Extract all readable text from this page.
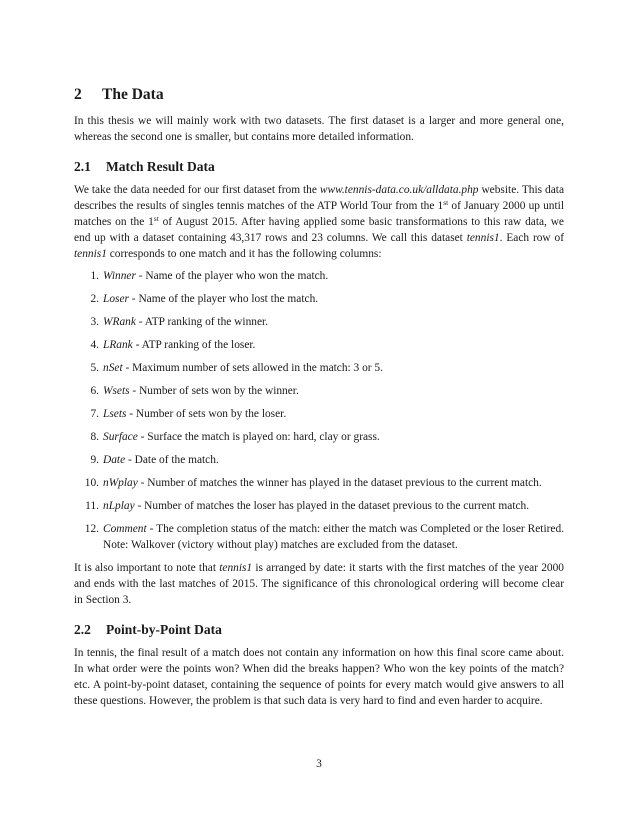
2 The Data

In this thesis we will mainly work with two datasets. The first dataset is a larger and more general one, whereas the second one is smaller, but contains more detailed information.

2.1 Match Result Data

We take the data needed for our first dataset from the www.tennis-data.co.uk/alldata.php website. This data describes the results of singles tennis matches of the ATP World Tour from the 1st of January 2000 up until matches on the 1st of August 2015. After having applied some basic transformations to this raw data, we end up with a dataset containing 43,317 rows and 23 columns. We call this dataset tennis1. Each row of tennis1 corresponds to one match and it has the following columns:

1. Winner - Name of the player who won the match.
2. Loser - Name of the player who lost the match.
3. WRank - ATP ranking of the winner.
4. LRank - ATP ranking of the loser.
5. nSet - Maximum number of sets allowed in the match: 3 or 5.
6. Wsets - Number of sets won by the winner.
7. Lsets - Number of sets won by the loser.
8. Surface - Surface the match is played on: hard, clay or grass.
9. Date - Date of the match.
10. nWplay - Number of matches the winner has played in the dataset previous to the current match.
11. nLplay - Number of matches the loser has played in the dataset previous to the current match.
12. Comment - The completion status of the match: either the match was Completed or the loser Retired. Note: Walkover (victory without play) matches are excluded from the dataset.

It is also important to note that tennis1 is arranged by date: it starts with the first matches of the year 2000 and ends with the last matches of 2015. The significance of this chronological ordering will become clear in Section 3.

2.2 Point-by-Point Data

In tennis, the final result of a match does not contain any information on how this final score came about. In what order were the points won? When did the breaks happen? Who won the key points of the match? etc. A point-by-point dataset, containing the sequence of points for every match would give answers to all these questions. However, the problem is that such data is very hard to find and even harder to acquire.

3
